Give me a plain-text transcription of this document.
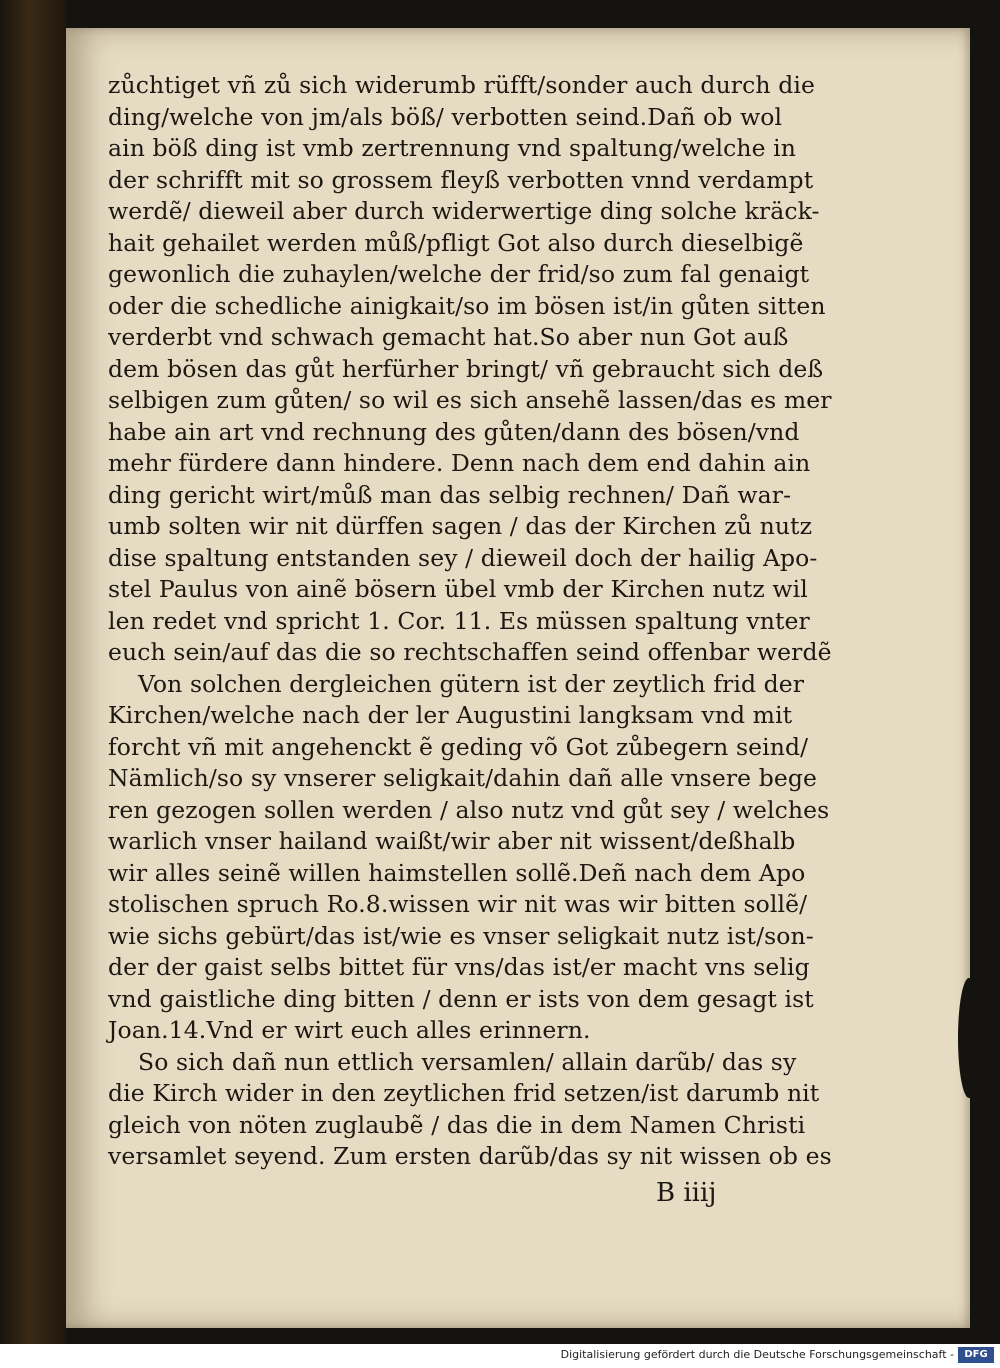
zůchtiget vñ zů sich widerumb rüfft/sonder auch durch die
ding/welche von jm/als böß/ verbotten seind.Dañ ob wol
ain böß ding ist vmb zertrennung vnd spaltung/welche in
der schrifft mit so grossem fleyß verbotten vnnd verdampt
werdẽ/ dieweil aber durch widerwertige ding solche kräck-
hait gehailet werden můß/pfligt Got also durch dieselbigẽ
gewonlich die zuhaylen/welche der frid/so zum fal genaigt
oder die schedliche ainigkait/so im bösen ist/in gůten sitten
verderbt vnd schwach gemacht hat.So aber nun Got auß
dem bösen das gůt herfürher bringt/ vñ gebraucht sich deß
selbigen zum gůten/ so wil es sich ansehẽ lassen/das es mer
habe ain art vnd rechnung des gůten/dann des bösen/vnd
mehr fürdere dann hindere. Denn nach dem end dahin ain
ding gericht wirt/můß man das selbig rechnen/ Dañ war-
umb solten wir nit dürffen sagen / das der Kirchen zů nutz
dise spaltung entstanden sey / dieweil doch der hailig Apo-
stel Paulus von ainẽ bösern übel vmb der Kirchen nutz wil
len redet vnd spricht 1. Cor. 11. Es müssen spaltung vnter
euch sein/auf das die so rechtschaffen seind offenbar werdẽ
Von solchen dergleichen gütern ist der zeytlich frid der
Kirchen/welche nach der ler Augustini langksam vnd mit
forcht vñ mit angehenckt ẽ geding võ Got zůbegern seind/
Nämlich/so sy vnserer seligkait/dahin dañ alle vnsere bege
ren gezogen sollen werden / also nutz vnd gůt sey / welches
warlich vnser hailand waißt/wir aber nit wissent/deßhalb
wir alles seinẽ willen haimstellen sollẽ.Deñ nach dem Apo
stolischen spruch Ro.8.wissen wir nit was wir bitten sollẽ/
wie sichs gebürt/das ist/wie es vnser seligkait nutz ist/son-
der der gaist selbs bittet für vns/das ist/er macht vns selig
vnd gaistliche ding bitten / denn er ists von dem gesagt ist
Joan.14.Vnd er wirt euch alles erinnern.
So sich dañ nun ettlich versamlen/ allain darũb/ das sy
die Kirch wider in den zeytlichen frid setzen/ist darumb nit
gleich von nöten zuglaubẽ / das die in dem Namen Christi
versamlet seyend. Zum ersten darũb/das sy nit wissen ob es
B iiij
Digitalisierung gefördert durch die Deutsche Forschungsgemeinschaft -	DFG
